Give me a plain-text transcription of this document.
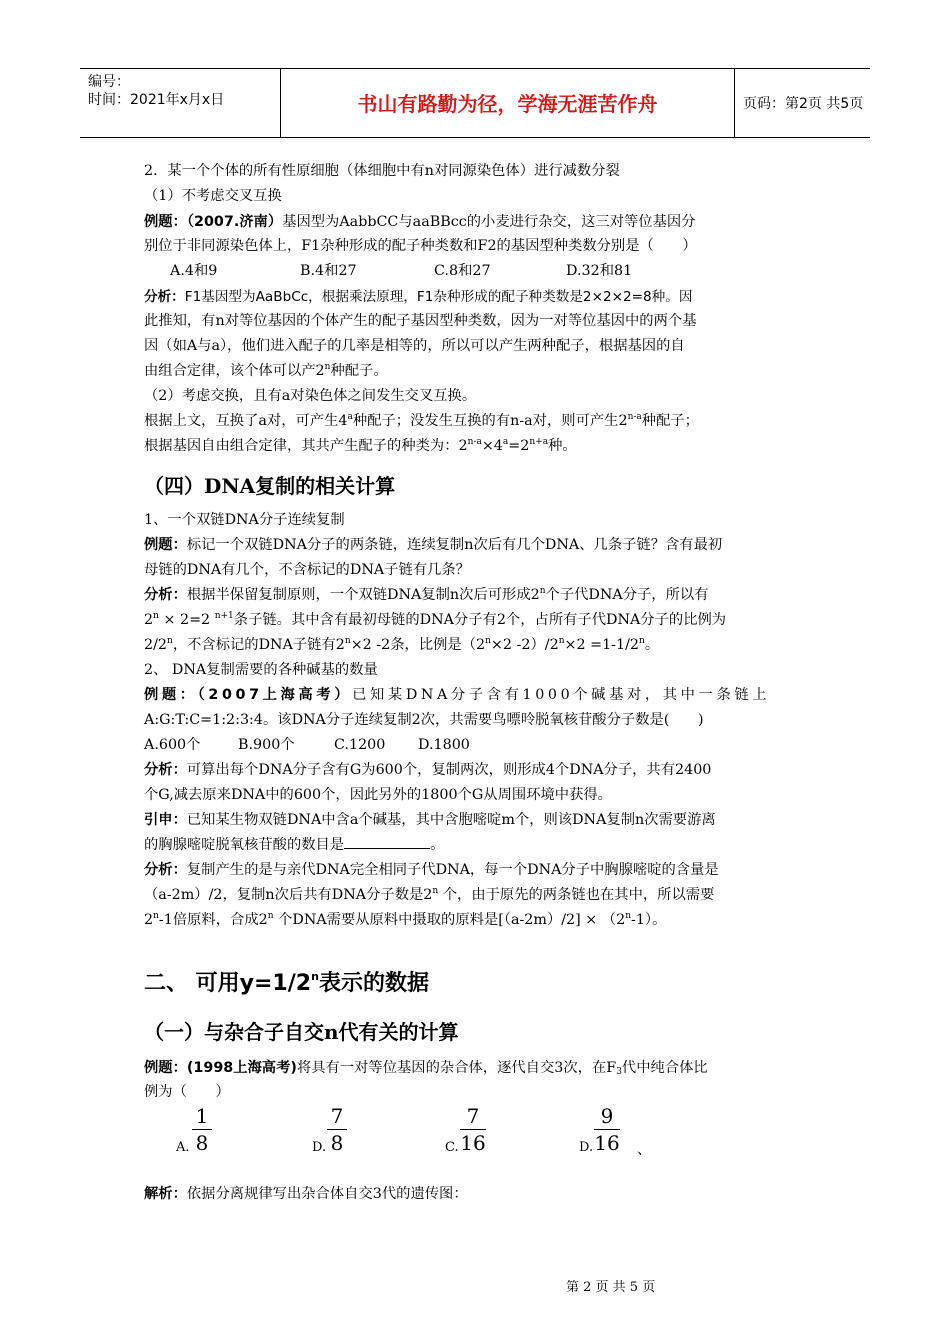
编号：
时间：2021年x月x日	书山有路勤为径，学海无涯苦作舟	页码：第2页 共5页
2．某一个个体的所有性原细胞（体细胞中有n对同源染色体）进行减数分裂
（1）不考虑交叉互换
例题：（2007.济南）基因型为AabbCC与aaBBcc的小麦进行杂交，这三对等位基因分
别位于非同源染色体上，F1杂种形成的配子种类数和F2的基因型种类数分别是（　　）
A.4和9	B.4和27	C.8和27	D.32和81
分析：F1基因型为AaBbCc，根据乘法原理，F1杂种形成的配子种类数是2×2×2=8种。因
此推知，有n对等位基因的个体产生的配子基因型种类数，因为一对等位基因中的两个基
因（如A与a），他们进入配子的几率是相等的，所以可以产生两种配子，根据基因的自
由组合定律，该个体可以产2$^n$种配子。
（2）考虑交换，且有a对染色体之间发生交叉互换。
根据上文，互换了a对，可产生4$^a$种配子；没发生互换的有n-a对，则可产生2$^{n-a}$种配子；
根据基因自由组合定律，其共产生配子的种类为：$2^{n-a}\times 4^a=2^{n+a}$种。
（四）DNA复制的相关计算
1、一个双链DNA分子连续复制
例题：标记一个双链DNA分子的两条链，连续复制n次后有几个DNA、几条子链？含有最初
母链的DNA有几个，不含标记的DNA子链有几条？
分析：根据半保留复制原则，一个双链DNA复制n次后可形成2$^n$个子代DNA分子，所以有
$2^n \times 2=2$ $^{n+1}$条子链。其中含有最初母链的DNA分子有2个，占所有子代DNA分子的比例为
2/2$^n$，不含标记的DNA子链有$2^n\times 2$ -2条，比例是（$2^n\times 2$ $-2)/2^n\times 2 =1-1/2^n$。
2、 DNA复制需要的各种碱基的数量
例题：（2007上海高考）已知某DNA分子含有1000个碱基对，其中一条链上
A:G:T:C=1:2:3:4。该DNA分子连续复制2次，共需要鸟嘌呤脱氧核苷酸分子数是(　　)
A.600个	B.900个	C.1200 D.1800
分析：可算出每个DNA分子含有G为600个，复制两次，则形成4个DNA分子，共有2400
个G,减去原来DNA中的600个，因此另外的1800个G从周围环境中获得。
引申：已知某生物双链DNA中含a个碱基，其中含胞嘧啶m个，则该DNA复制n次需要游离
的胸腺嘧啶脱氧核苷酸的数目是	。
分析：复制产生的是与亲代DNA完全相同子代DNA，每一个DNA分子中胸腺嘧啶的含量是
（a-2m）/2，复制n次后共有DNA分子数是2$^n$ 个，由于原先的两条链也在其中，所以需要
2$^n$-1倍原料，合成2$^n$ 个DNA需要从原料中摄取的原料是$[(a-2m)/2] \times (2^n-1)$。
二、 可用$y=1/2^n$表示的数据
（一）与杂合子自交n代有关的计算
例题：(1998上海高考)将具有一对等位基因的杂合体，逐代自交3次，在$F_3$代中纯合体比
例为（　　）
A.
1
8	D.
7
8	C.
7
16	D.
9
16 、
解析：依据分离规律写出杂合体自交3代的遗传图：
第 2 页 共 5 页
